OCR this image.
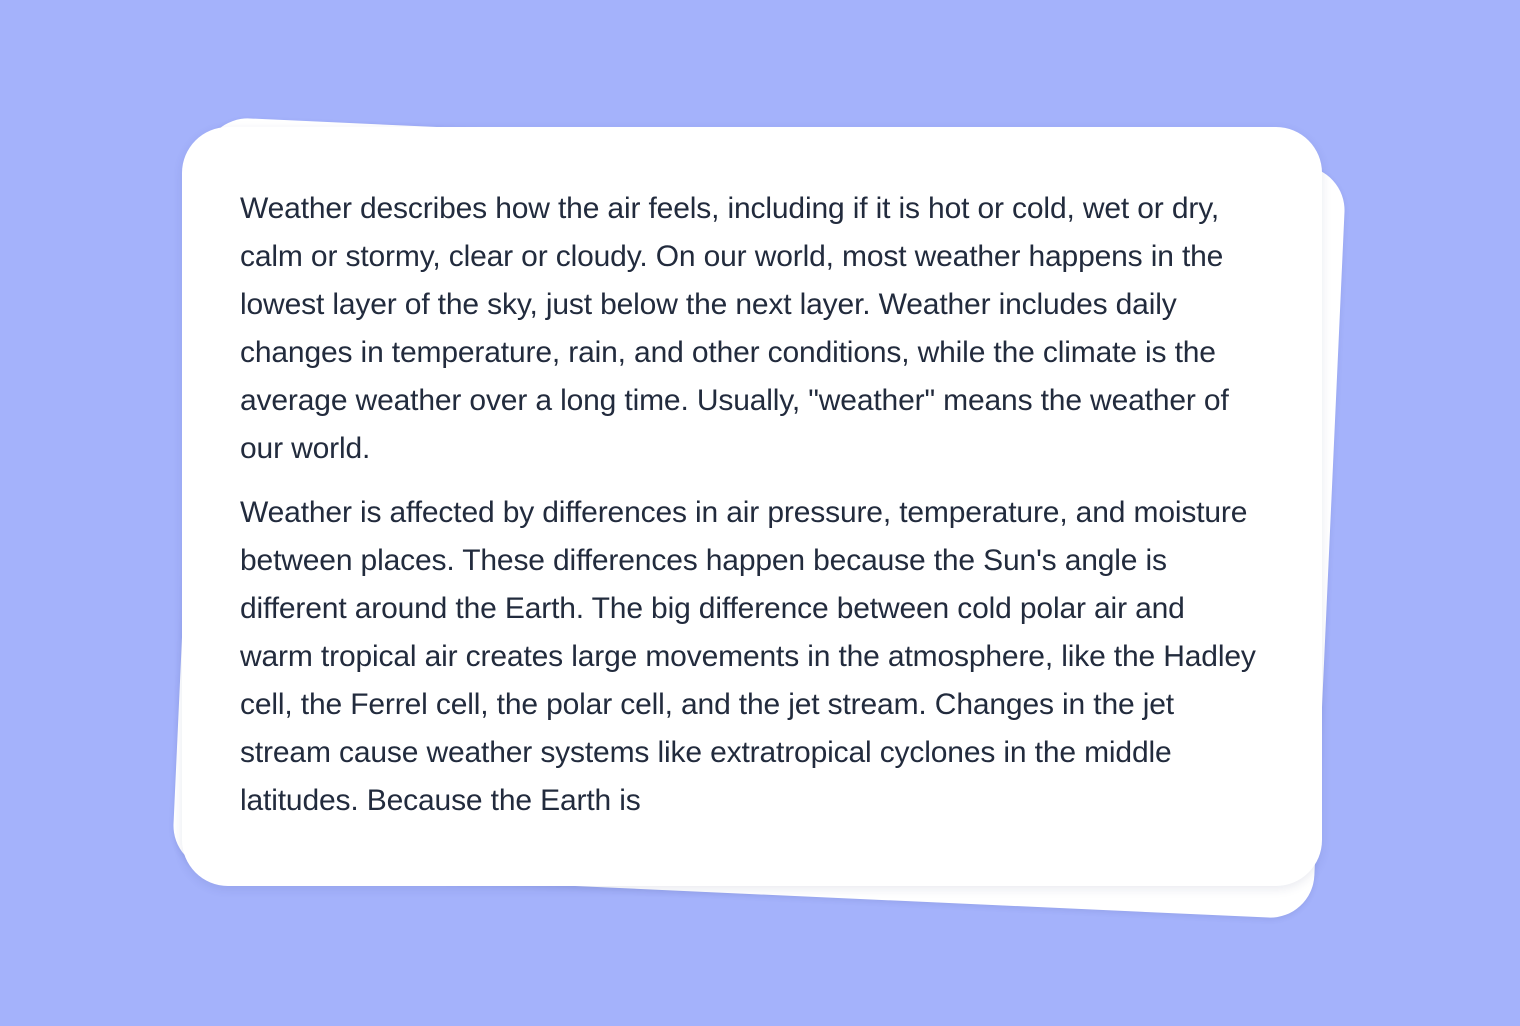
Weather describes how the air feels, including if it is hot or cold, wet or dry, calm or stormy, clear or cloudy. On our world, most weather happens in the lowest layer of the sky, just below the next layer. Weather includes daily changes in temperature, rain, and other conditions, while the climate is the average weather over a long time. Usually, "weather" means the weather of our world.

Weather is affected by differences in air pressure, temperature, and moisture between places. These differences happen because the Sun's angle is different around the Earth. The big difference between cold polar air and warm tropical air creates large movements in the atmosphere, like the Hadley cell, the Ferrel cell, the polar cell, and the jet stream. Changes in the jet stream cause weather systems like extratropical cyclones in the middle latitudes. Because the Earth is
